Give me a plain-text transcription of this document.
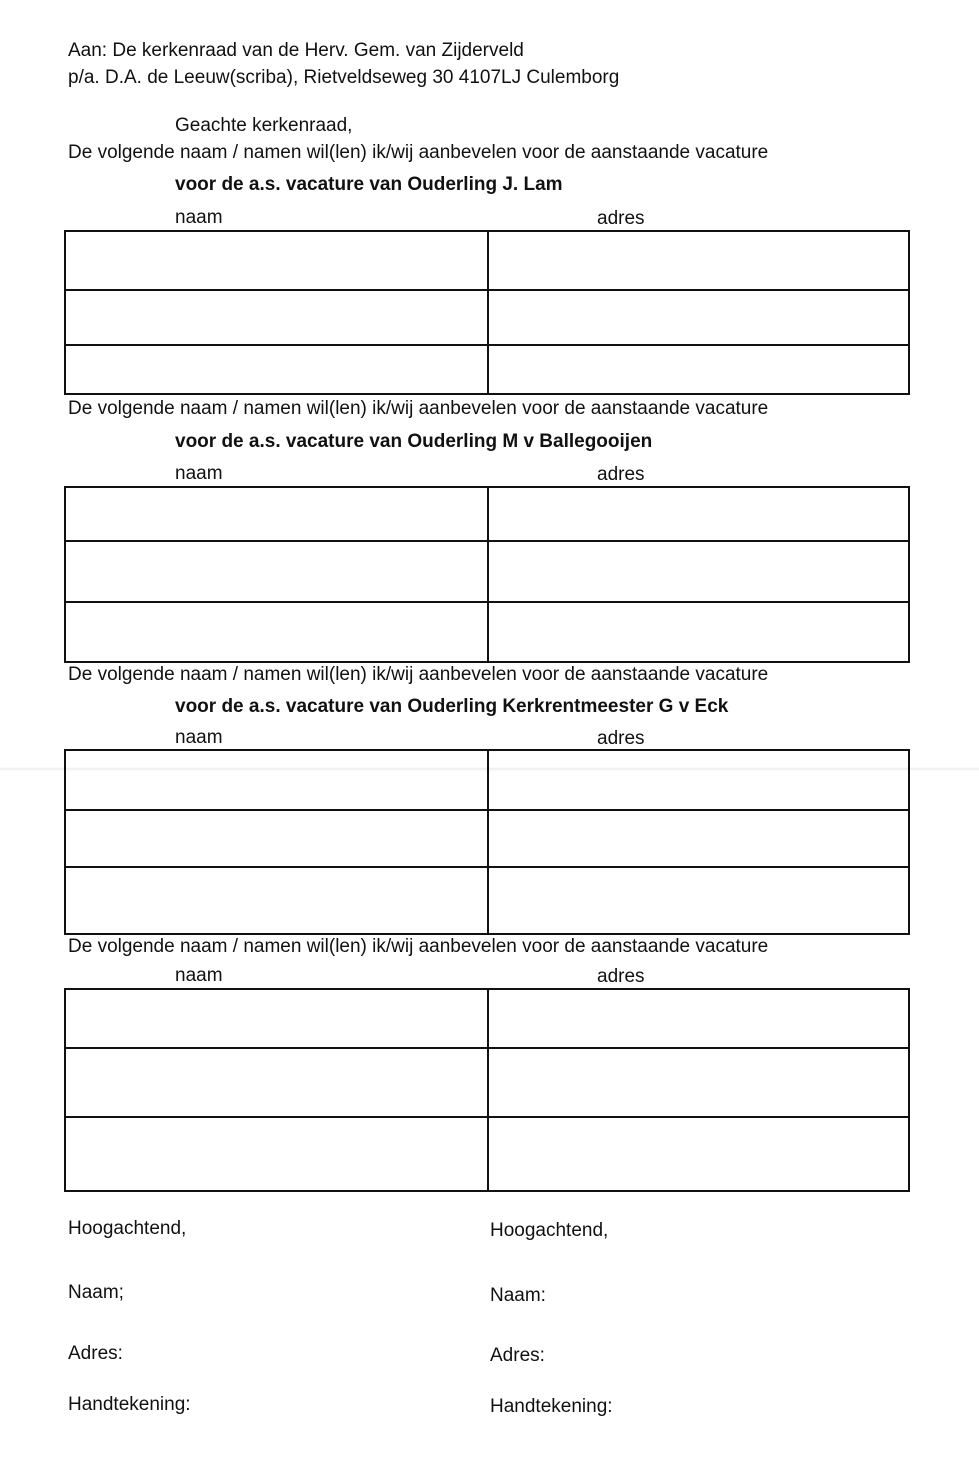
Aan: De kerkenraad van de Herv. Gem. van Zijderveld

p/a. D.A. de Leeuw(scriba), Rietveldseweg 30 4107LJ Culemborg

Geachte kerkenraad,

De volgende naam / namen wil(len) ik/wij aanbevelen voor de aanstaande vacature

voor de a.s. vacature van Ouderling J. Lam

naam	adres

De volgende naam / namen wil(len) ik/wij aanbevelen voor de aanstaande vacature

voor de a.s. vacature van Ouderling M v Ballegooijen

naam	adres

De volgende naam / namen wil(len) ik/wij aanbevelen voor de aanstaande vacature

voor de a.s. vacature van Ouderling Kerkrentmeester G v Eck

naam	adres

De volgende naam / namen wil(len) ik/wij aanbevelen voor de aanstaande vacature

naam	adres

Hoogachtend,

Naam;

Adres:

Handtekening:

Hoogachtend,

Naam:

Adres:

Handtekening:
